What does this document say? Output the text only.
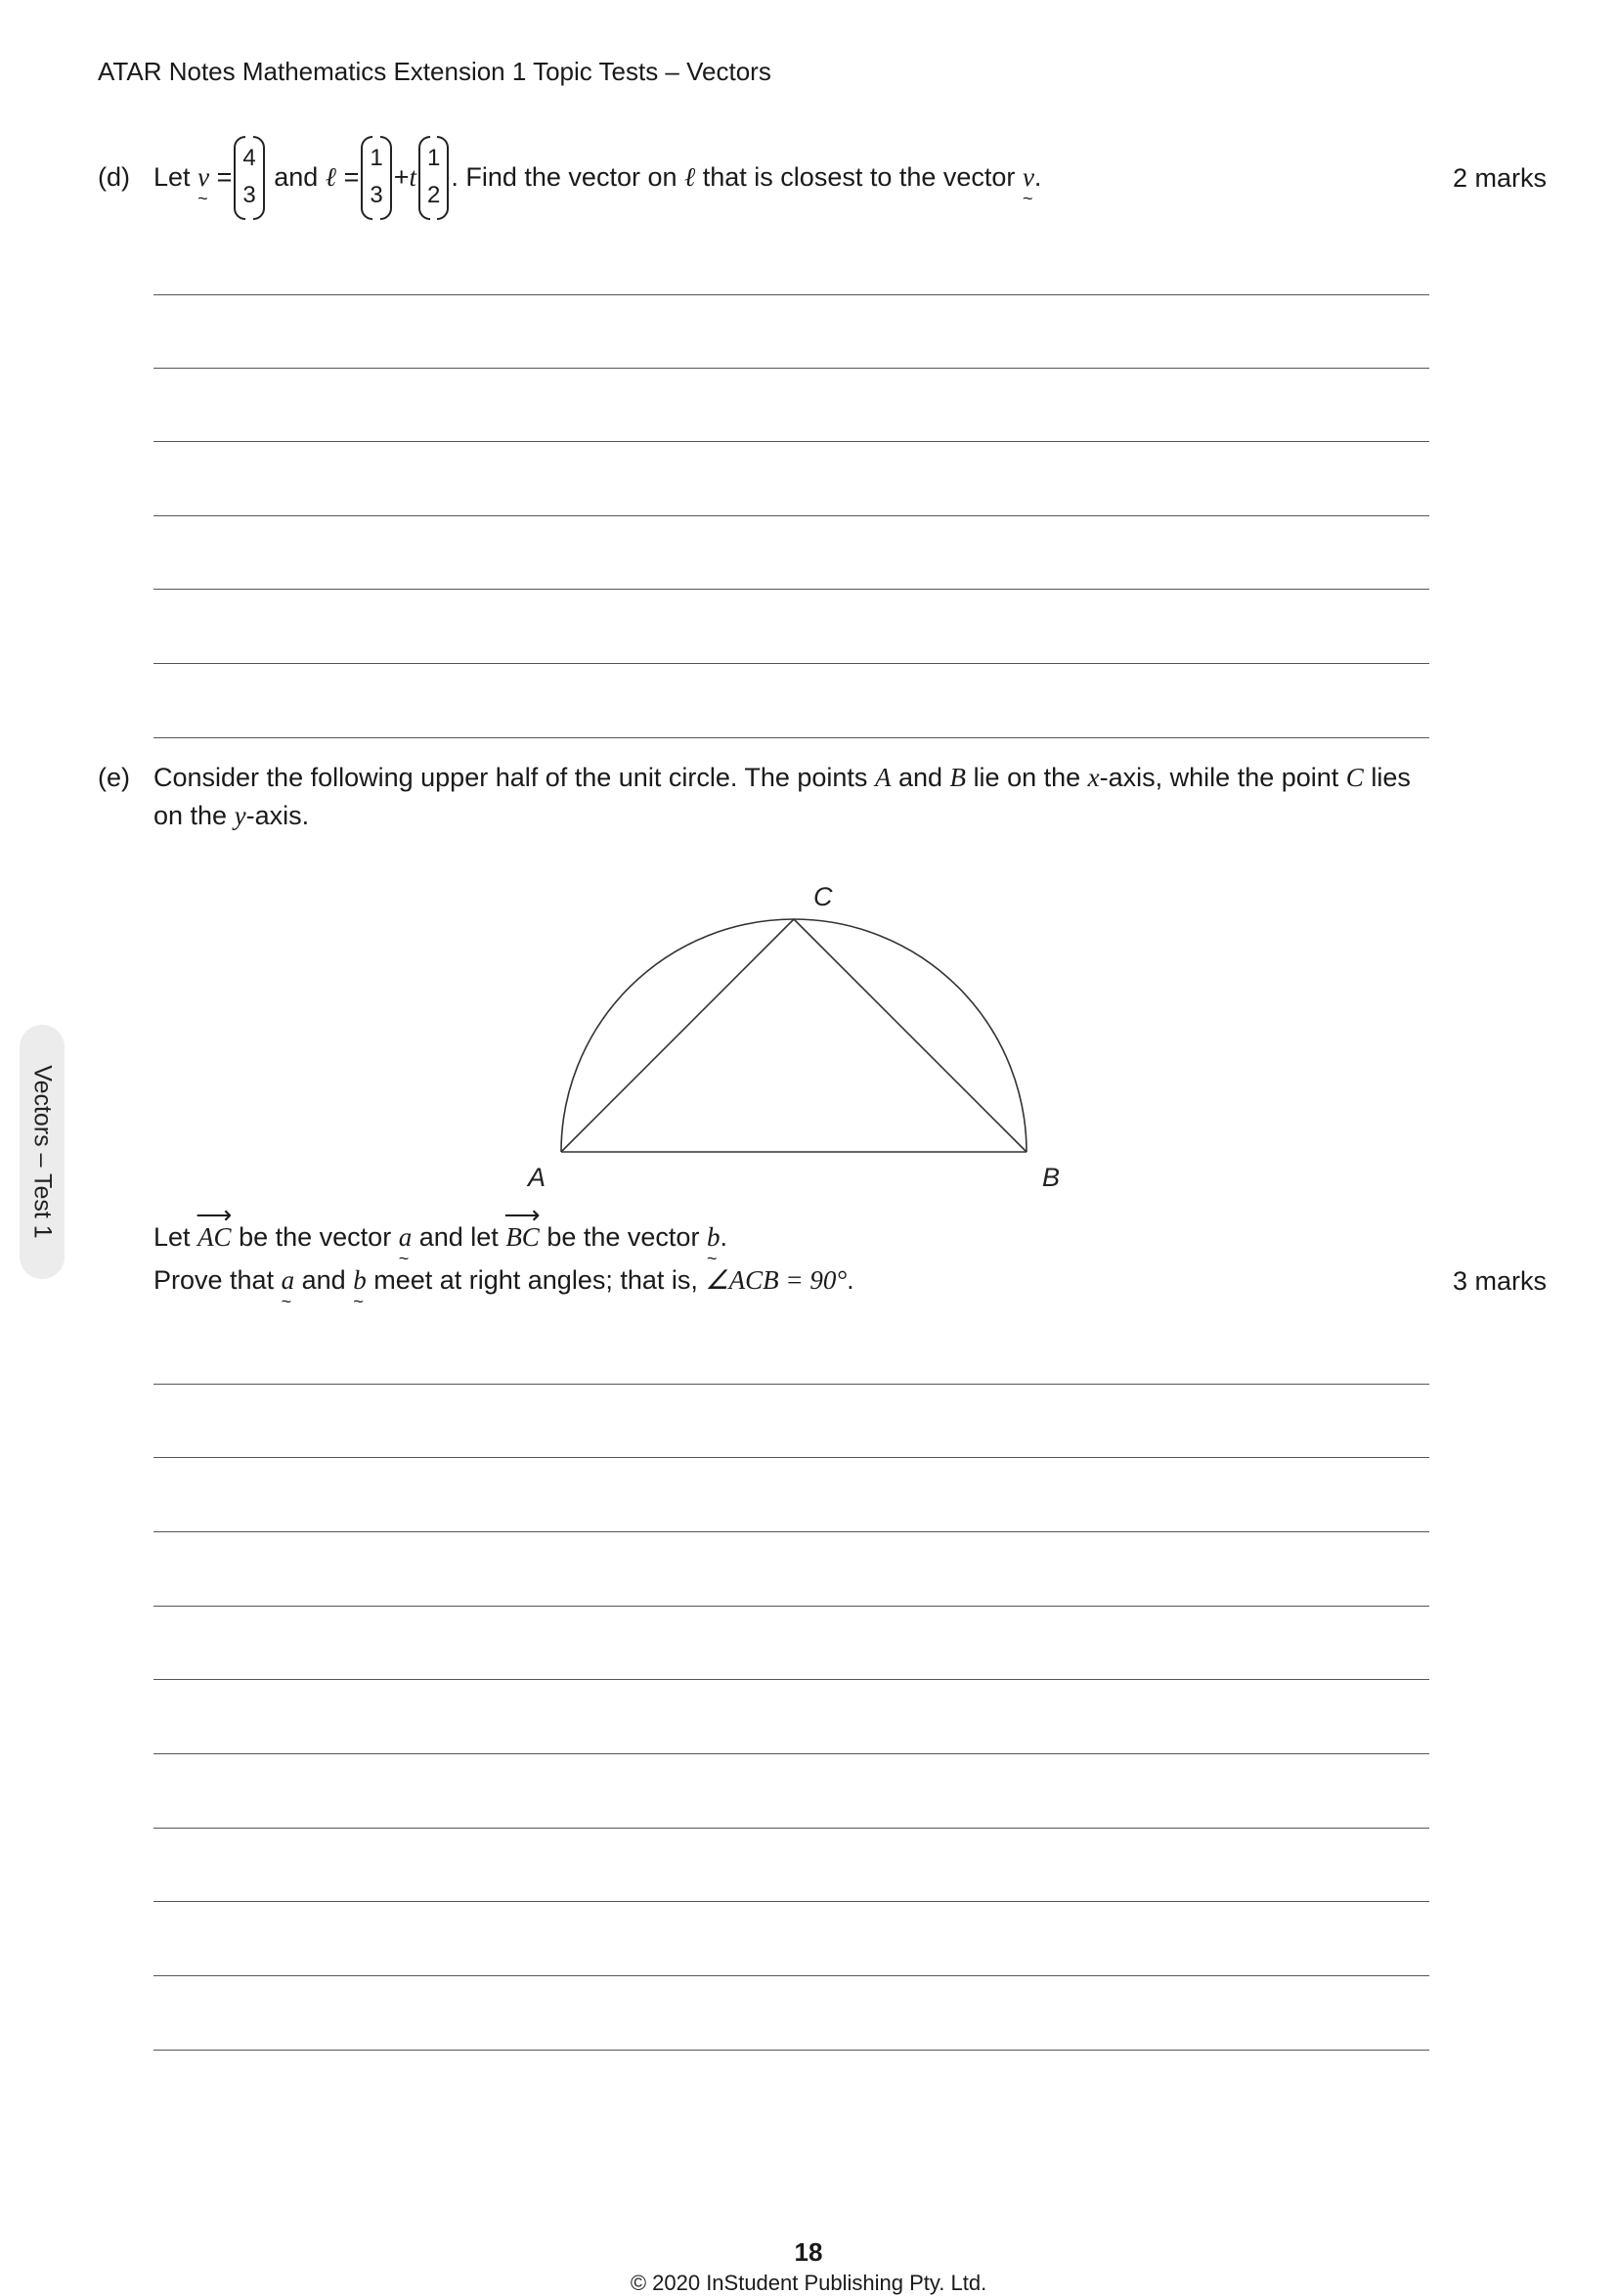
ATAR Notes Mathematics Extension 1 Topic Tests – Vectors
(d) Let
v
~

=
4
3

and
ℓ
=
1
3
+ t
1
2
. Find the vector on
ℓ
that is closest to the vector
v
~
.	2 marks
(e) Consider the following upper half of the unit circle. The points A and B lie on the x-axis, while the point C lies
on the y-axis.
C
A	B
Let AC ⟶ be the vector a
~
and let BC ⟶ be the vector b
~
.
Prove that a
~
and b
~
meet at right angles; that is, ∠ACB = 90°.	3 marks
Vectors – Test 1
18
© 2020 InStudent Publishing Pty. Ltd.
